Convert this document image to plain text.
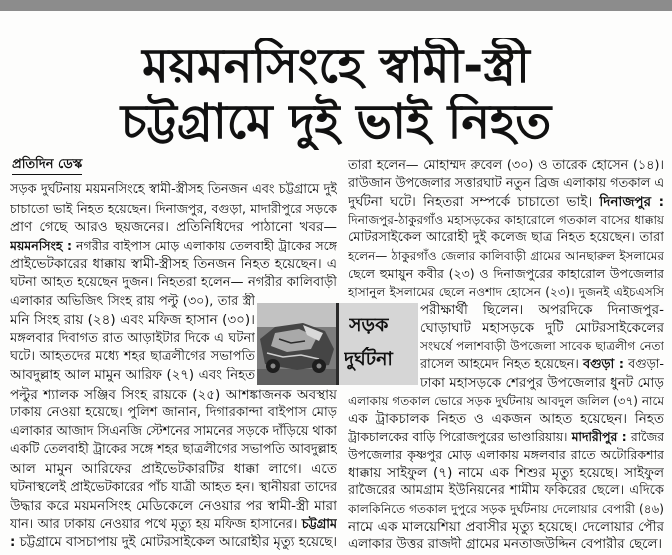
ময়মনসিংহে স্বামী-স্ত্রী
চট্টগ্রামে দুই ভাই নিহত
প্রতিদিন ডেস্ক
সড়ক দুর্ঘটনায় ময়মনসিংহে স্বামী-স্ত্রীসহ তিনজন এবং চট্টগ্রামে দুই
চাচাতো ভাই নিহত হয়েছেন। দিনাজপুর, বগুড়া, মাদারীপুরে সড়কে
প্রাণ গেছে আরও ছয়জনের। প্রতিনিধিদের পাঠানো খবর—
ময়মনসিংহ : নগরীর বাইপাস মোড় এলাকায় তেলবাহী ট্রাকের সঙ্গে
প্রাইভেটকারের ধাক্কায় স্বামী-স্ত্রীসহ তিনজন নিহত হয়েছেন। এ
ঘটনা আহত হয়েছেন দুজন। নিহতরা হলেন— নগরীর কালিবাড়ী
এলাকার অভিজিৎ সিংহ রায় পল্টু (৩০), তার স্ত্রী
মনি সিংহ রায় (২৪) এবং মফিজ হাসান (৩০)।
মঙ্গলবার দিবাগত রাত আড়াইটার দিকে এ ঘটনা
ঘটে। আহতদের মধ্যে শহর ছাত্রলীগের সভাপতি
আবদুল্লাহ আল মামুন আরিফ (২৭) এবং নিহত
পল্টুর শ্যালক সঞ্জিব সিংহ রায়কে (২৫) আশঙ্কাজনক অবস্থায়
ঢাকায় নেওয়া হয়েছে। পুলিশ জানান, দিগারকান্দা বাইপাস মোড়
এলাকার আজাদ সিএনজি স্টেশনের সামনের সড়কে দাঁড়িয়ে থাকা
একটি তেলবাহী ট্রাকের সঙ্গে শহর ছাত্রলীগের সভাপতি আবদুল্লাহ
আল মামুন আরিফের প্রাইভেটকারটির ধাক্কা লাগে। এতে
ঘটনাস্থলেই প্রাইভেটকারের পাঁচ যাত্রী আহত হন। স্থানীয়রা তাদের
উদ্ধার করে ময়মনসিংহ মেডিকেলে নেওয়ার পর স্বামী-স্ত্রী মারা
যান। আর ঢাকায় নেওয়ার পথে মৃত্যু হয় মফিজ হাসানের। চট্টগ্রাম
: চট্টগ্রামে বাসচাপায় দুই মোটরসাইকেল আরোহীর মৃত্যু হয়েছে।
তারা হলেন— মোহাম্মদ রুবেল (৩০) ও তারেক হোসেন (১৪)।
রাউজান উপজেলার সত্তারঘাট নতুন ব্রিজ এলাকায় গতকাল এ
দুর্ঘটনা ঘটে। নিহতরা সম্পর্কে চাচাতো ভাই। দিনাজপুর :
দিনাজপুর-ঠাকুরগাঁও মহাসড়কের কাহারোলে গতকাল বাসের ধাক্কায়
মোটরসাইকেল আরোহী দুই কলেজ ছাত্র নিহত হয়েছেন। তারা
হলেন— ঠাকুরগাঁও জেলার কালিবাড়ী গ্রামের আনছারুল ইসলামের
ছেলে হুমায়ুন কবীর (২৩) ও দিনাজপুরের কাহারোল উপজেলার
হাসানুল ইসলামের ছেলে নওশাদ হোসেন (২৩)। দুজনই এইচএসসি
পরীক্ষার্থী ছিলেন। অপরদিকে দিনাজপুর-
ঘোড়াঘাট মহাসড়কে দুটি মোটরসাইকেলের
সংঘর্ষে পলাশবাড়ী উপজেলা সাবেক ছাত্রলীগ নেতা
রাসেল আহমেদ নিহত হয়েছেন। বগুড়া : বগুড়া-
ঢাকা মহাসড়কে শেরপুর উপজেলার ধুনট মোড়
এলাকায় গতকাল ভোরে সড়ক দুর্ঘটনায় আবদুল জলিল (৩৭) নামে
এক ট্রাকচালক নিহত ও একজন আহত হয়েছেন। নিহত
ট্রাকচালকের বাড়ি পিরোজপুরের ভাণ্ডারিয়ায়। মাদারীপুর : রাজৈর
উপজেলার কৃষ্ণপুর মোড় এলাকায় মঙ্গলবার রাতে অটোরিকশার
ধাক্কায় সাইফুল (৭) নামে এক শিশুর মৃত্যু হয়েছে। সাইফুল
রাজৈরের আমগ্রাম ইউনিয়নের শামীম ফকিরের ছেলে। এদিকে
কালকিনিতে গতকাল দুপুরে সড়ক দুর্ঘটনায় দেলোয়ার বেপারী (৪৬)
নামে এক মালয়েশিয়া প্রবাসীর মৃত্যু হয়েছে। দেলোয়ার পৌর
এলাকার উত্তর রাজদী গ্রামের মনতাজউদ্দিন বেপারীর ছেলে।
সড়ক
দুর্ঘটনা
